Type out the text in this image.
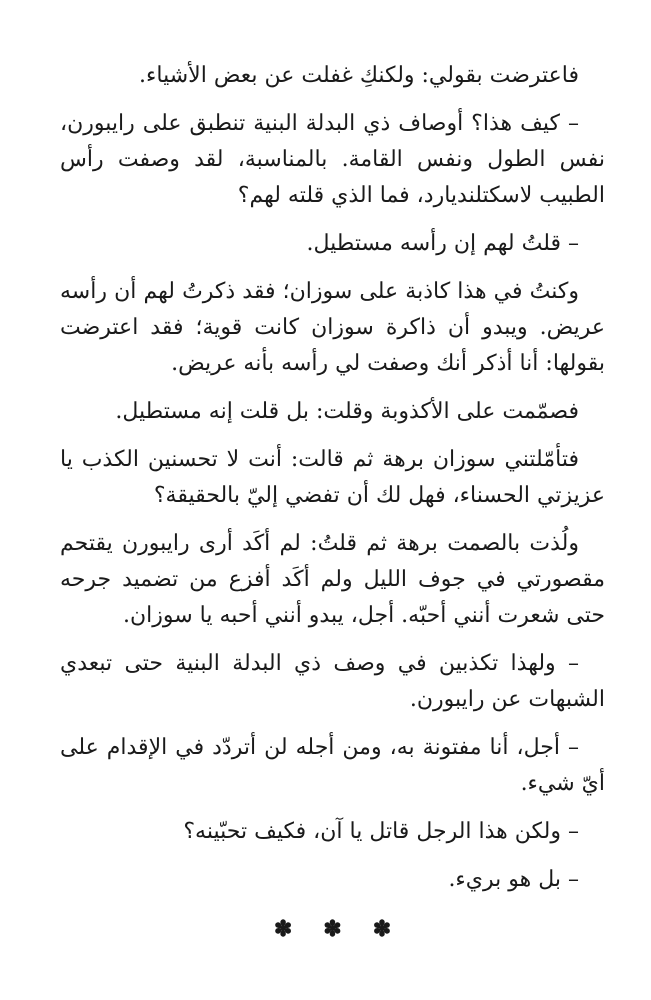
فاعترضت بقولي: ولكنكِ غفلت عن بعض الأشياء.

– كيف هذا؟ أوصاف ذي البدلة البنية تنطبق على رايبورن، نفس الطول ونفس القامة. بالمناسبة، لقد وصفت رأس الطبيب لاسكتلنديارد، فما الذي قلته لهم؟

– قلتُ لهم إن رأسه مستطيل.

وكنتُ في هذا كاذبة على سوزان؛ فقد ذكرتُ لهم أن رأسه عريض. ويبدو أن ذاكرة سوزان كانت قوية؛ فقد اعترضت بقولها: أنا أذكر أنك وصفت لي رأسه بأنه عريض.

فصمّمت على الأكذوبة وقلت: بل قلت إنه مستطيل.

فتأمّلتني سوزان برهة ثم قالت: أنت لا تحسنين الكذب يا عزيزتي الحسناء، فهل لك أن تفضي إليّ بالحقيقة؟

ولُذت بالصمت برهة ثم قلتُ: لم أكَد أرى رايبورن يقتحم مقصورتي في جوف الليل ولم أكَد أفزع من تضميد جرحه حتى شعرت أنني أحبّه. أجل، يبدو أنني أحبه يا سوزان.

– ولهذا تكذبين في وصف ذي البدلة البنية حتى تبعدي الشبهات عن رايبورن.

– أجل، أنا مفتونة به، ومن أجله لن أتردّد في الإقدام على أيّ شيء.

– ولكن هذا الرجل قاتل يا آن، فكيف تحبّينه؟

– بل هو بريء.

✽ ✽ ✽
